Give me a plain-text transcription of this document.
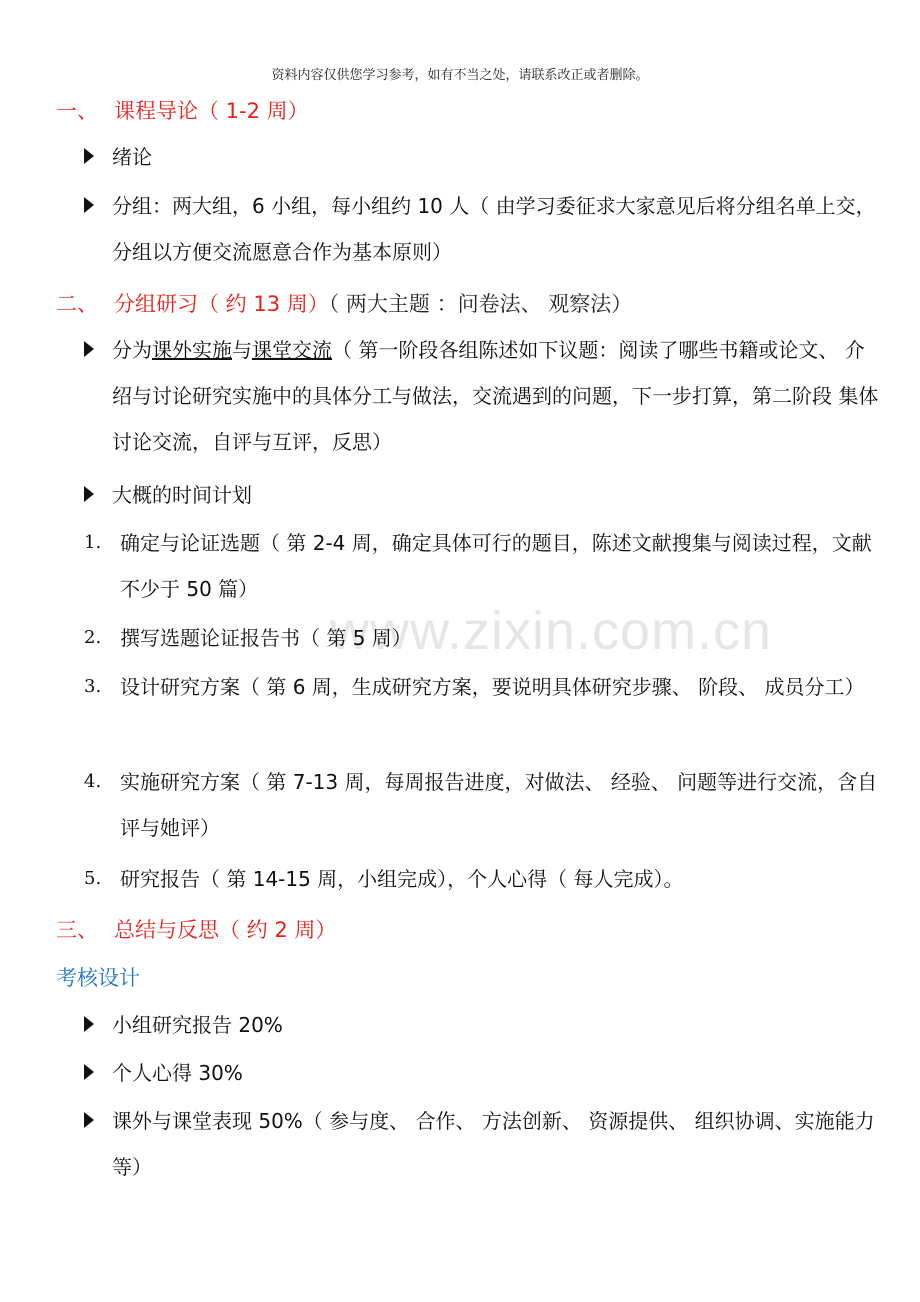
资料内容仅供您学习参考，如有不当之处，请联系改正或者删除。
www.zixin.com.cn
一、 课程导论（ 1-2 周）
绪论
分组：两大组，6 小组，每小组约 10 人（ 由学习委征求大家意见后将分组名单上交，分组以方便交流愿意合作为基本原则）
二、 分组研习（ 约 13 周）（ 两大主题 ：问卷法、 观察法）
分为课外实施与课堂交流（ 第一阶段各组陈述如下议题：阅读了哪些书籍或论文、 介绍与讨论研究实施中的具体分工与做法，交流遇到的问题，下一步打算，第二阶段 集体讨论交流，自评与互评，反思）
大概的时间计划
1. 确定与论证选题（ 第 2-4 周，确定具体可行的题目，陈述文献搜集与阅读过程，文献不少于 50 篇）
2. 撰写选题论证报告书（ 第 5 周）
3. 设计研究方案（ 第 6 周，生成研究方案，要说明具体研究步骤、 阶段、 成员分工）
4. 实施研究方案（ 第 7-13 周，每周报告进度，对做法、 经验、 问题等进行交流，含自评与她评）
5. 研究报告（ 第 14-15 周，小组完成），个人心得（ 每人完成）。
三、 总结与反思（ 约 2 周）
考核设计
小组研究报告 20%
个人心得 30%
课外与课堂表现 50%（ 参与度、 合作、 方法创新、 资源提供、 组织协调、实施能力等）
